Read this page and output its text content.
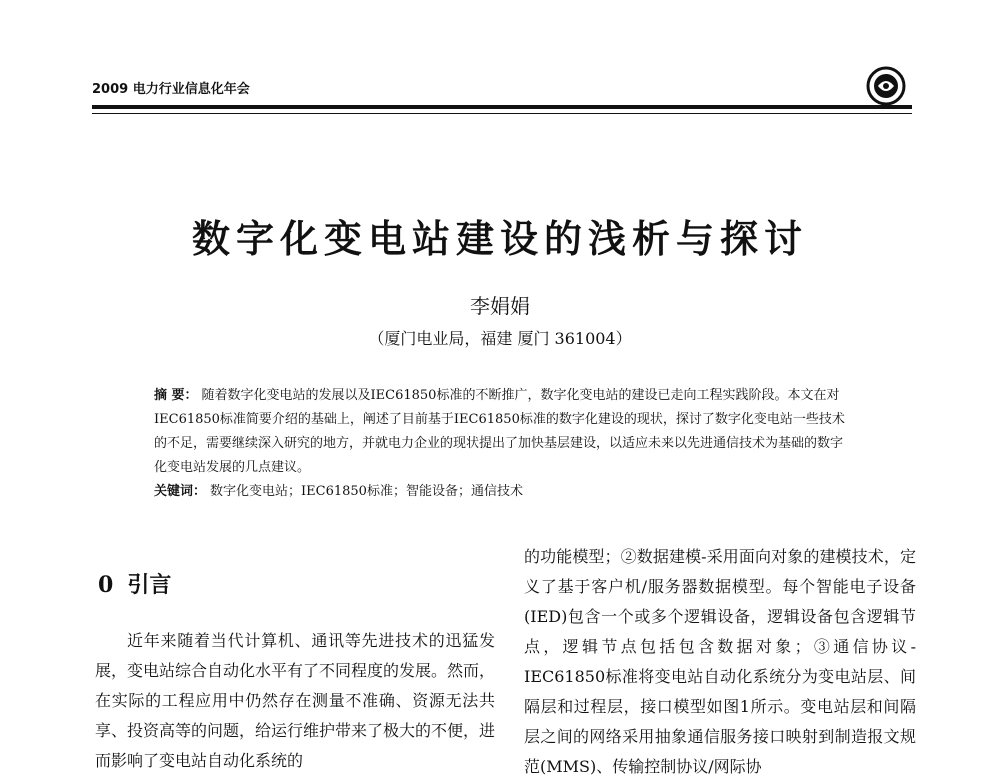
2009 电力行业信息化年会
数字化变电站建设的浅析与探讨
李娟娟
（厦门电业局，福建 厦门 361004）
摘 要： 随着数字化变电站的发展以及IEC61850标准的不断推广，数字化变电站的建设已走向工程实践阶段。本文在对IEC61850标准简要介绍的基础上，阐述了目前基于IEC61850标准的数字化建设的现状，探讨了数字化变电站一些技术的不足，需要继续深入研究的地方，并就电力企业的现状提出了加快基层建设，以适应未来以先进通信技术为基础的数字化变电站发展的几点建议。
关键词： 数字化变电站；IEC61850标准；智能设备；通信技术
0 引言

近年来随着当代计算机、通讯等先进技术的迅猛发展，变电站综合自动化水平有了不同程度的发展。然而，在实际的工程应用中仍然存在测量不准确、资源无法共享、投资高等的问题，给运行维护带来了极大的不便，进而影响了变电站自动化系统的

的功能模型；②数据建模-采用面向对象的建模技术，定义了基于客户机/服务器数据模型。每个智能电子设备(IED)包含一个或多个逻辑设备，逻辑设备包含逻辑节点，逻辑节点包括包含数据对象；③通信协议-IEC61850标准将变电站自动化系统分为变电站层、间隔层和过程层，接口模型如图1所示。变电站层和间隔层之间的网络采用抽象通信服务接口映射到制造报文规范(MMS)、传输控制协议/网际协
